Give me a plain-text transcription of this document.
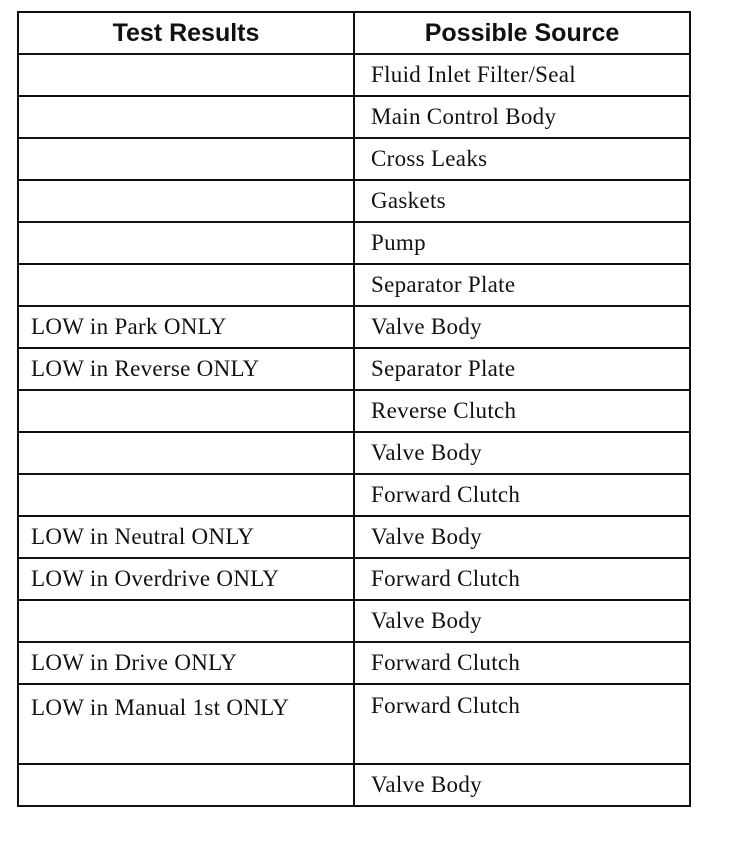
Test Results	Possible Source
	Fluid Inlet Filter/Seal
	Main Control Body
	Cross Leaks
	Gaskets
	Pump
	Separator Plate
LOW in Park ONLY	Valve Body
LOW in Reverse ONLY	Separator Plate
	Reverse Clutch
	Valve Body
	Forward Clutch
LOW in Neutral ONLY	Valve Body
LOW in Overdrive ONLY	Forward Clutch
	Valve Body
LOW in Drive ONLY	Forward Clutch
LOW in Manual 1st ONLY	Forward Clutch
	Valve Body
